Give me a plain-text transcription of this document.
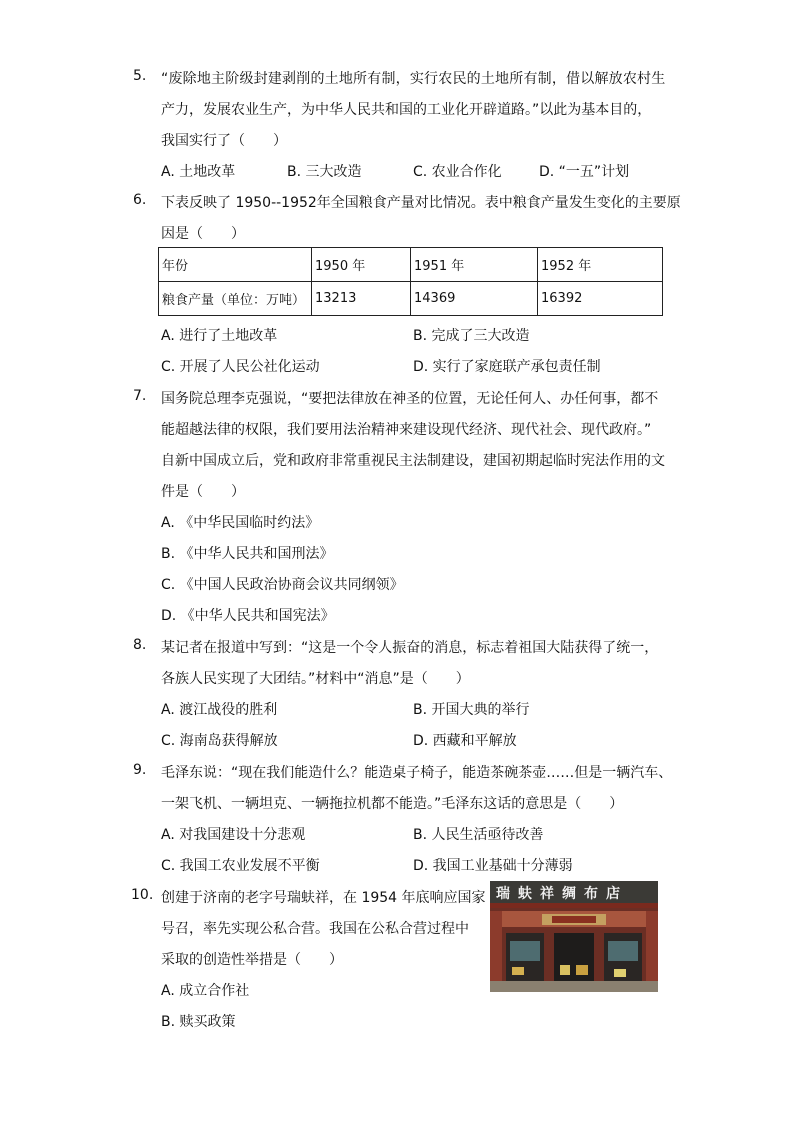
5. “废除地主阶级封建剥削的土地所有制，实行农民的土地所有制，借以解放农村生
产力，发展农业生产，为中华人民共和国的工业化开辟道路。”以此为基本目的，
我国实行了（　　）
A. 土地改革	B. 三大改造	C. 农业合作化	D. “一五”计划
6. 下表反映了 1950--1952年全国粮食产量对比情况。表中粮食产量发生变化的主要原
因是（　　）
年份	1950 年	1951 年	1952 年
粮食产量（单位：万吨）	13213	14369	16392
A. 进行了土地改革	B. 完成了三大改造
C. 开展了人民公社化运动	D. 实行了家庭联产承包责任制
7. 国务院总理李克强说，“要把法律放在神圣的位置，无论任何人、办任何事，都不
能超越法律的权限，我们要用法治精神来建设现代经济、现代社会、现代政府。”
自新中国成立后，党和政府非常重视民主法制建设，建国初期起临时宪法作用的文
件是（　　）
A. 《中华民国临时约法》
B. 《中华人民共和国刑法》
C. 《中国人民政治协商会议共同纲领》
D. 《中华人民共和国宪法》
8. 某记者在报道中写到：“这是一个令人振奋的消息，标志着祖国大陆获得了统一，
各族人民实现了大团结。”材料中“消息”是（　　）
A. 渡江战役的胜利	B. 开国大典的举行
C. 海南岛获得解放	D. 西藏和平解放
9. 毛泽东说：“现在我们能造什么？能造桌子椅子，能造茶碗茶壶……但是一辆汽车、
一架飞机、一辆坦克、一辆拖拉机都不能造。”毛泽东这话的意思是（　　）
A. 对我国建设十分悲观	B. 人民生活亟待改善
C. 我国工农业发展不平衡	D. 我国工业基础十分薄弱
10. 创建于济南的老字号瑞蚨祥，在 1954 年底响应国家
号召，率先实现公私合营。我国在公私合营过程中
采取的创造性举措是（　　）
A. 成立合作社
B. 赎买政策
瑞蚨祥绸布店
